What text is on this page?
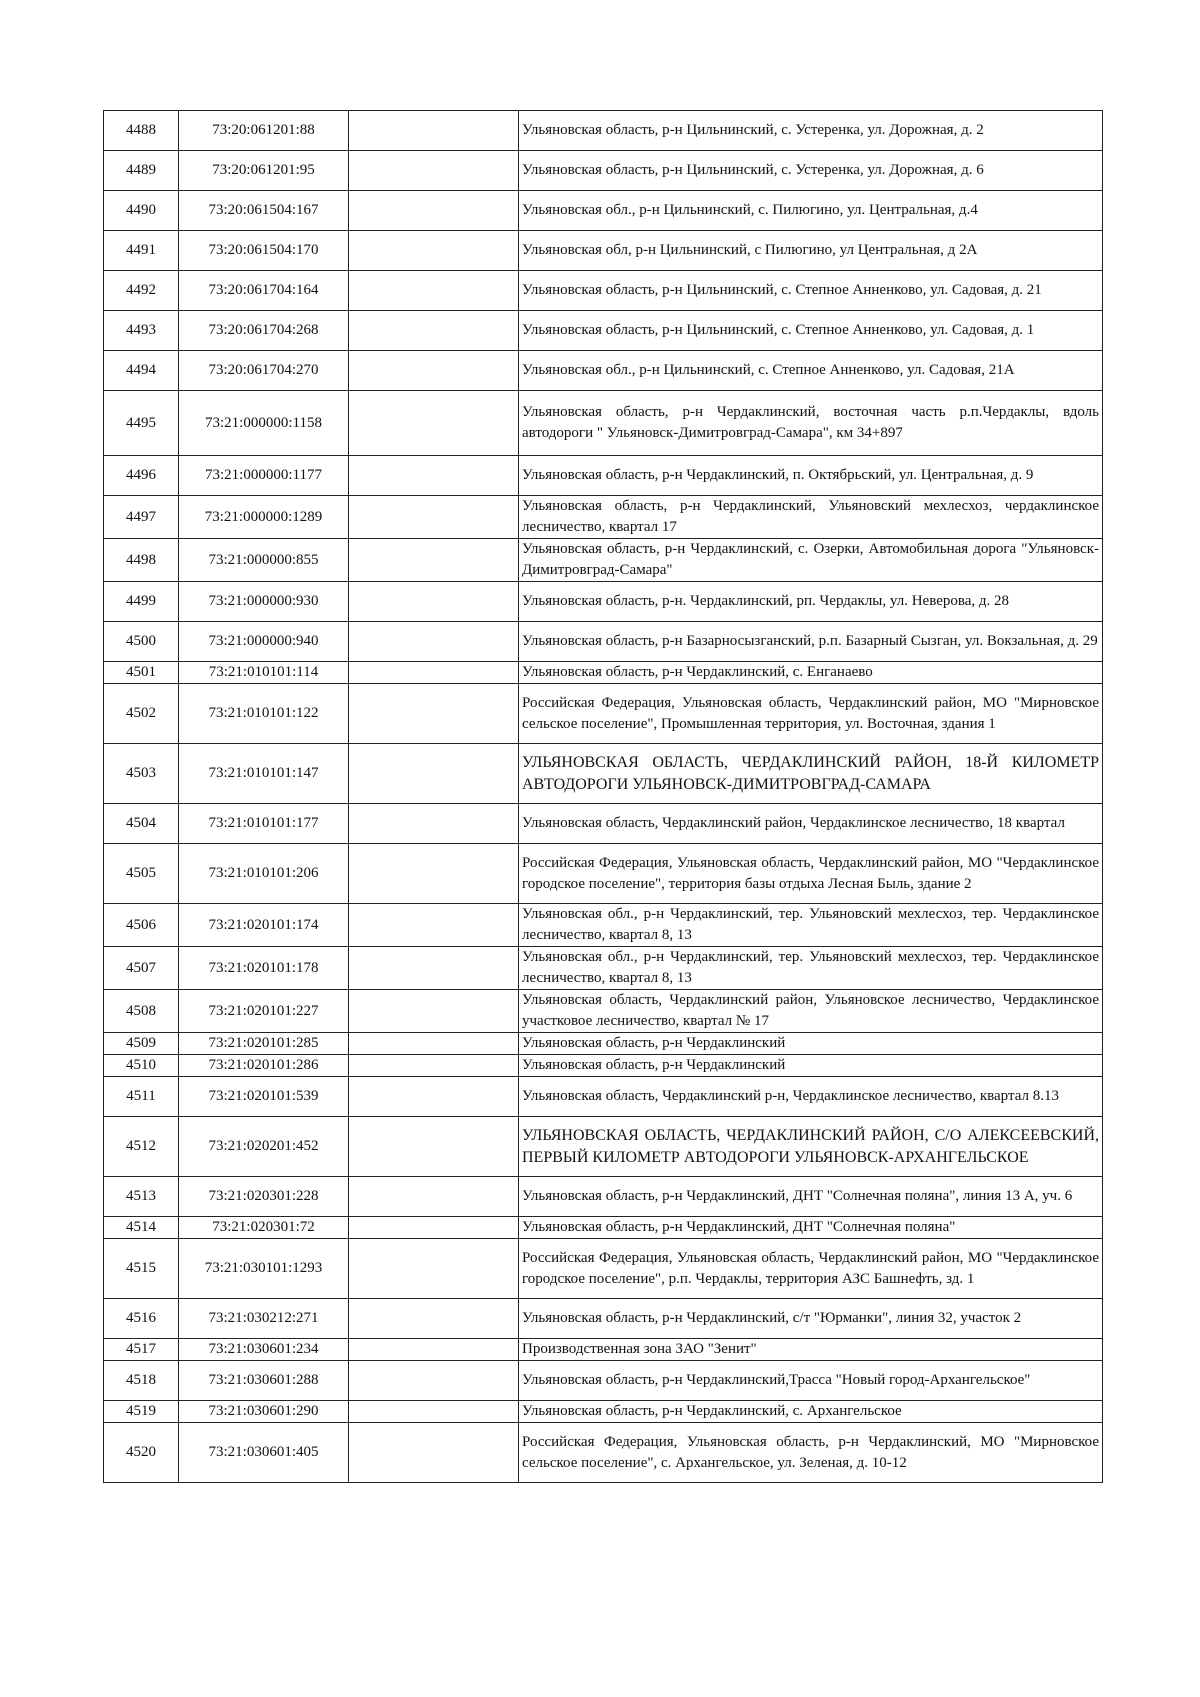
4488	73:20:061201:88		Ульяновская область, р-н Цильнинский, с. Устеренка, ул. Дорожная, д. 2
4489	73:20:061201:95		Ульяновская область, р-н Цильнинский, с. Устеренка, ул. Дорожная, д. 6
4490	73:20:061504:167		Ульяновская обл., р-н Цильнинский, с. Пилюгино, ул. Центральная, д.4
4491	73:20:061504:170		Ульяновская обл, р-н Цильнинский, с Пилюгино, ул Центральная, д 2А
4492	73:20:061704:164		Ульяновская область, р-н Цильнинский, с. Степное Анненково, ул. Садовая, д. 21
4493	73:20:061704:268		Ульяновская область, р-н Цильнинский, с. Степное Анненково, ул. Садовая, д. 1
4494	73:20:061704:270		Ульяновская обл., р-н Цильнинский, с. Степное Анненково, ул. Садовая, 21А
4495	73:21:000000:1158		Ульяновская область, р-н Чердаклинский, восточная часть р.п.Чердаклы, вдоль автодороги " Ульяновск-Димитровград-Самара", км 34+897
4496	73:21:000000:1177		Ульяновская область, р-н Чердаклинский, п. Октябрьский, ул. Центральная, д. 9
4497	73:21:000000:1289		Ульяновская область, р-н Чердаклинский, Ульяновский мехлесхоз, чердаклинское лесничество, квартал 17
4498	73:21:000000:855		Ульяновская область, р-н Чердаклинский, с. Озерки, Автомобильная дорога "Ульяновск-Димитровград-Самара"
4499	73:21:000000:930		Ульяновская область, р-н. Чердаклинский, рп. Чердаклы, ул. Неверова, д. 28
4500	73:21:000000:940		Ульяновская область, р-н Базарносызганский, р.п. Базарный Сызган, ул. Вокзальная, д. 29
4501	73:21:010101:114		Ульяновская область, р-н Чердаклинский, с. Енганаево
4502	73:21:010101:122		Российская Федерация, Ульяновская область, Чердаклинский район, МО "Мирновское сельское поселение", Промышленная территория, ул. Восточная, здания 1
4503	73:21:010101:147		УЛЬЯНОВСКАЯ ОБЛАСТЬ, ЧЕРДАКЛИНСКИЙ РАЙОН, 18-Й КИЛОМЕТР АВТОДОРОГИ УЛЬЯНОВСК-ДИМИТРОВГРАД-САМАРА
4504	73:21:010101:177		Ульяновская область, Чердаклинский район, Чердаклинское лесничество, 18 квартал
4505	73:21:010101:206		Российская Федерация, Ульяновская область, Чердаклинский район, МО "Чердаклинское городское поселение", территория базы отдыха Лесная Быль, здание 2
4506	73:21:020101:174		Ульяновская обл., р-н Чердаклинский, тер. Ульяновский мехлесхоз, тер. Чердаклинское лесничество, квартал 8, 13
4507	73:21:020101:178		Ульяновская обл., р-н Чердаклинский, тер. Ульяновский мехлесхоз, тер. Чердаклинское лесничество, квартал 8, 13
4508	73:21:020101:227		Ульяновская область, Чердаклинский район, Ульяновское лесничество, Чердаклинское участковое лесничество, квартал № 17
4509	73:21:020101:285		Ульяновская область, р-н Чердаклинский
4510	73:21:020101:286		Ульяновская область, р-н Чердаклинский
4511	73:21:020101:539		Ульяновская область, Чердаклинский р-н, Чердаклинское лесничество, квартал 8.13
4512	73:21:020201:452		УЛЬЯНОВСКАЯ ОБЛАСТЬ, ЧЕРДАКЛИНСКИЙ РАЙОН, С/О АЛЕКСЕЕВСКИЙ, ПЕРВЫЙ КИЛОМЕТР АВТОДОРОГИ УЛЬЯНОВСК-АРХАНГЕЛЬСКОЕ
4513	73:21:020301:228		Ульяновская область, р-н Чердаклинский, ДНТ "Солнечная поляна", линия 13 А, уч. 6
4514	73:21:020301:72		Ульяновская область, р-н Чердаклинский, ДНТ "Солнечная поляна"
4515	73:21:030101:1293		Российская Федерация, Ульяновская область, Чердаклинский район, МО "Чердаклинское городское поселение", р.п. Чердаклы, территория АЗС Башнефть, зд. 1
4516	73:21:030212:271		Ульяновская область, р-н Чердаклинский, с/т "Юрманки", линия 32, участок 2
4517	73:21:030601:234		Производственная зона ЗАО "Зенит"
4518	73:21:030601:288		Ульяновская область, р-н Чердаклинский,Трасса "Новый город-Архангельское"
4519	73:21:030601:290		Ульяновская область, р-н Чердаклинский, с. Архангельское
4520	73:21:030601:405		Российская Федерация, Ульяновская область, р-н Чердаклинский, МО "Мирновское сельское поселение", с. Архангельское, ул. Зеленая, д. 10-12
